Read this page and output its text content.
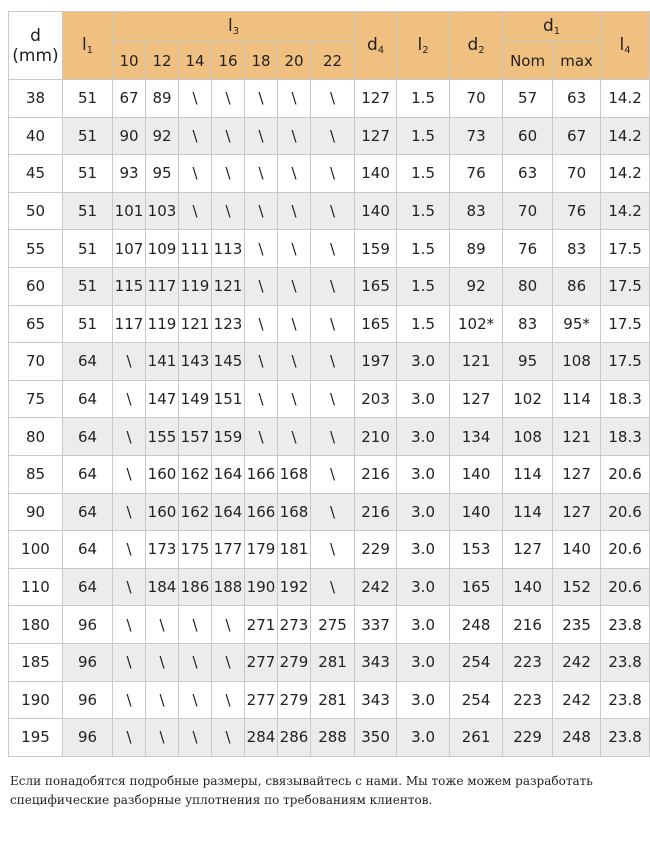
d
(mm)	$l_1$	$l_3$							$d_4$	$l_2$	$d_2$	$d_1$		$l_4$
		10	12	14	16	18	20	22				Nom	max	
38	51	67	89	\	\	\	\	\	127	1.5	70	57	63	14.2
40	51	90	92	\	\	\	\	\	127	1.5	73	60	67	14.2
45	51	93	95	\	\	\	\	\	140	1.5	76	63	70	14.2
50	51	101	103	\	\	\	\	\	140	1.5	83	70	76	14.2
55	51	107	109	111	113	\	\	\	159	1.5	89	76	83	17.5
60	51	115	117	119	121	\	\	\	165	1.5	92	80	86	17.5
65	51	117	119	121	123	\	\	\	165	1.5	102*	83	95*	17.5
70	64	\	141	143	145	\	\	\	197	3.0	121	95	108	17.5
75	64	\	147	149	151	\	\	\	203	3.0	127	102	114	18.3
80	64	\	155	157	159	\	\	\	210	3.0	134	108	121	18.3
85	64	\	160	162	164	166	168	\	216	3.0	140	114	127	20.6
90	64	\	160	162	164	166	168	\	216	3.0	140	114	127	20.6
100	64	\	173	175	177	179	181	\	229	3.0	153	127	140	20.6
110	64	\	184	186	188	190	192	\	242	3.0	165	140	152	20.6
180	96	\	\	\	\	271	273	275	337	3.0	248	216	235	23.8
185	96	\	\	\	\	277	279	281	343	3.0	254	223	242	23.8
190	96	\	\	\	\	277	279	281	343	3.0	254	223	242	23.8
195	96	\	\	\	\	284	286	288	350	3.0	261	229	248	23.8
Если понадобятся подробные размеры, связывайтесь с нами. Мы тоже можем разработать специфические разборные уплотнения по требованиям клиентов.
